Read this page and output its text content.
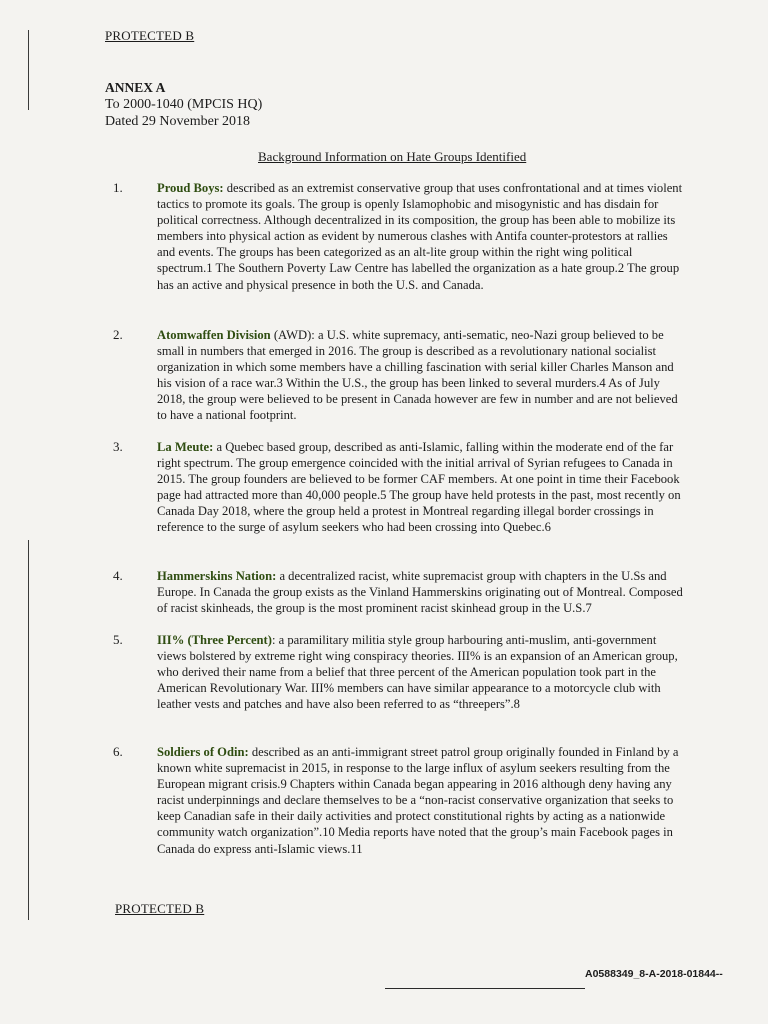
PROTECTED B
ANNEX A
To 2000-1040 (MPCIS HQ)
Dated 29 November 2018
Background Information on Hate Groups Identified
1.	Proud Boys: described as an extremist conservative group that uses confrontational and at times violent tactics to promote its goals. The group is openly Islamophobic and misogynistic and has disdain for political correctness. Although decentralized in its composition, the group has been able to mobilize its members into physical action as evident by numerous clashes with Antifa counter-protestors at rallies and events. The groups has been categorized as an alt-lite group within the right wing political spectrum.1 The Southern Poverty Law Centre has labelled the organization as a hate group.2 The group has an active and physical presence in both the U.S. and Canada.
2.	Atomwaffen Division (AWD): a U.S. white supremacy, anti-sematic, neo-Nazi group believed to be small in numbers that emerged in 2016. The group is described as a revolutionary national socialist organization in which some members have a chilling fascination with serial killer Charles Manson and his vision of a race war.3 Within the U.S., the group has been linked to several murders.4 As of July 2018, the group were believed to be present in Canada however are few in number and are not believed to have a national footprint.
3.	La Meute: a Quebec based group, described as anti-Islamic, falling within the moderate end of the far right spectrum. The group emergence coincided with the initial arrival of Syrian refugees to Canada in 2015. The group founders are believed to be former CAF members. At one point in time their Facebook page had attracted more than 40,000 people.5 The group have held protests in the past, most recently on Canada Day 2018, where the group held a protest in Montreal regarding illegal border crossings in reference to the surge of asylum seekers who had been crossing into Quebec.6
4.	Hammerskins Nation: a decentralized racist, white supremacist group with chapters in the U.Ss and Europe. In Canada the group exists as the Vinland Hammerskins originating out of Montreal. Composed of racist skinheads, the group is the most prominent racist skinhead group in the U.S.7
5.	III% (Three Percent): a paramilitary militia style group harbouring anti-muslim, anti-government views bolstered by extreme right wing conspiracy theories. III% is an expansion of an American group, who derived their name from a belief that three percent of the American population took part in the American Revolutionary War. III% members can have similar appearance to a motorcycle club with leather vests and patches and have also been referred to as “threepers”.8
6.	Soldiers of Odin: described as an anti-immigrant street patrol group originally founded in Finland by a known white supremacist in 2015, in response to the large influx of asylum seekers resulting from the European migrant crisis.9 Chapters within Canada began appearing in 2016 although deny having any racist underpinnings and declare themselves to be a “non-racist conservative organization that seeks to keep Canadian safe in their daily activities and protect constitutional rights by acting as a nationwide community watch organization”.10 Media reports have noted that the group’s main Facebook pages in Canada do express anti-Islamic views.11
PROTECTED B
A0588349_8-A-2018-01844--
